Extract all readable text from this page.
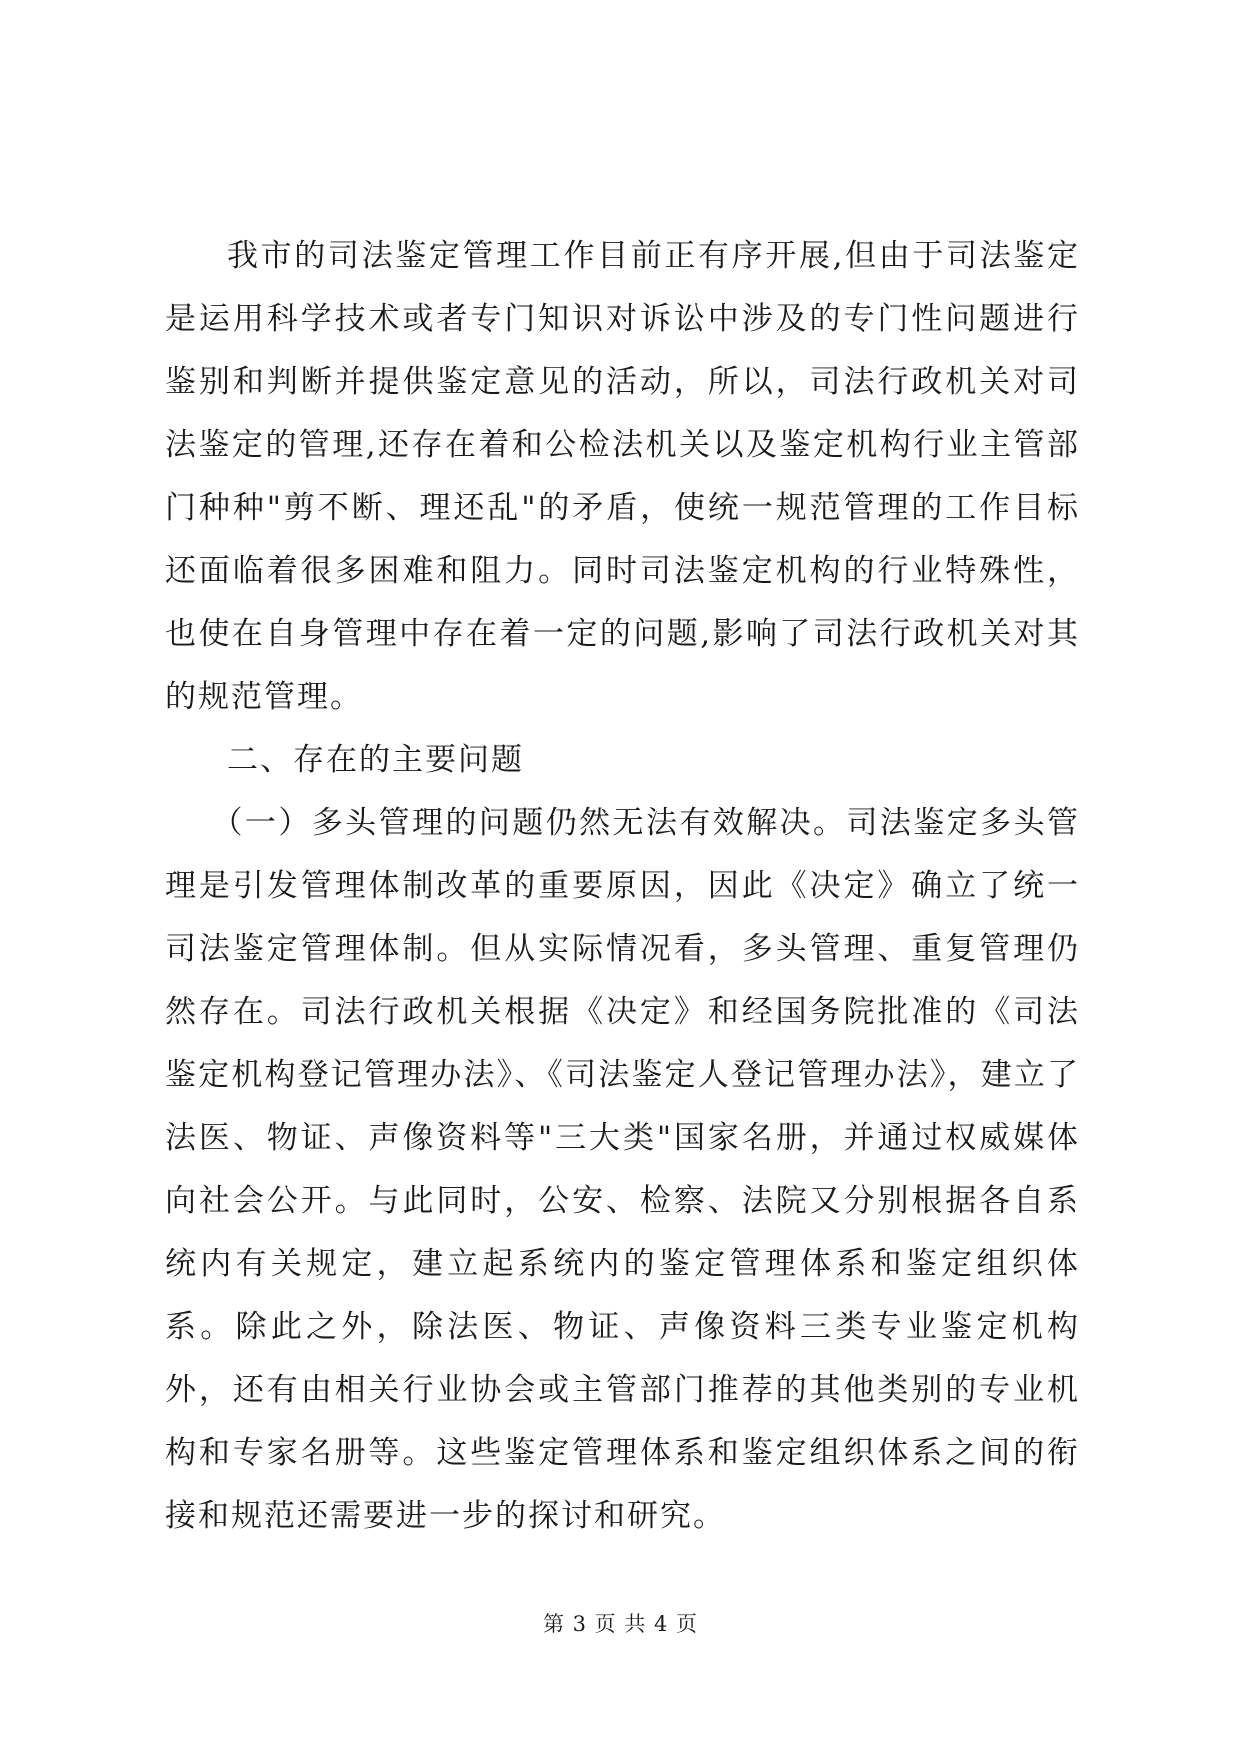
我市的司法鉴定管理工作目前正有序开展,但由于司法鉴定是运用科学技术或者专门知识对诉讼中涉及的专门性问题进行鉴别和判断并提供鉴定意见的活动，所以，司法行政机关对司法鉴定的管理,还存在着和公检法机关以及鉴定机构行业主管部门种种"剪不断、理还乱"的矛盾，使统一规范管理的工作目标还面临着很多困难和阻力。同时司法鉴定机构的行业特殊性，也使在自身管理中存在着一定的问题,影响了司法行政机关对其的规范管理。

二、存在的主要问题

（一）多头管理的问题仍然无法有效解决。司法鉴定多头管理是引发管理体制改革的重要原因，因此《决定》确立了统一司法鉴定管理体制。但从实际情况看，多头管理、重复管理仍然存在。司法行政机关根据《决定》和经国务院批准的《司法鉴定机构登记管理办法》、《司法鉴定人登记管理办法》，建立了法医、物证、声像资料等"三大类"国家名册，并通过权威媒体向社会公开。与此同时，公安、检察、法院又分别根据各自系统内有关规定，建立起系统内的鉴定管理体系和鉴定组织体系。除此之外，除法医、物证、声像资料三类专业鉴定机构外，还有由相关行业协会或主管部门推荐的其他类别的专业机构和专家名册等。这些鉴定管理体系和鉴定组织体系之间的衔接和规范还需要进一步的探讨和研究。

第 3 页 共 4 页
